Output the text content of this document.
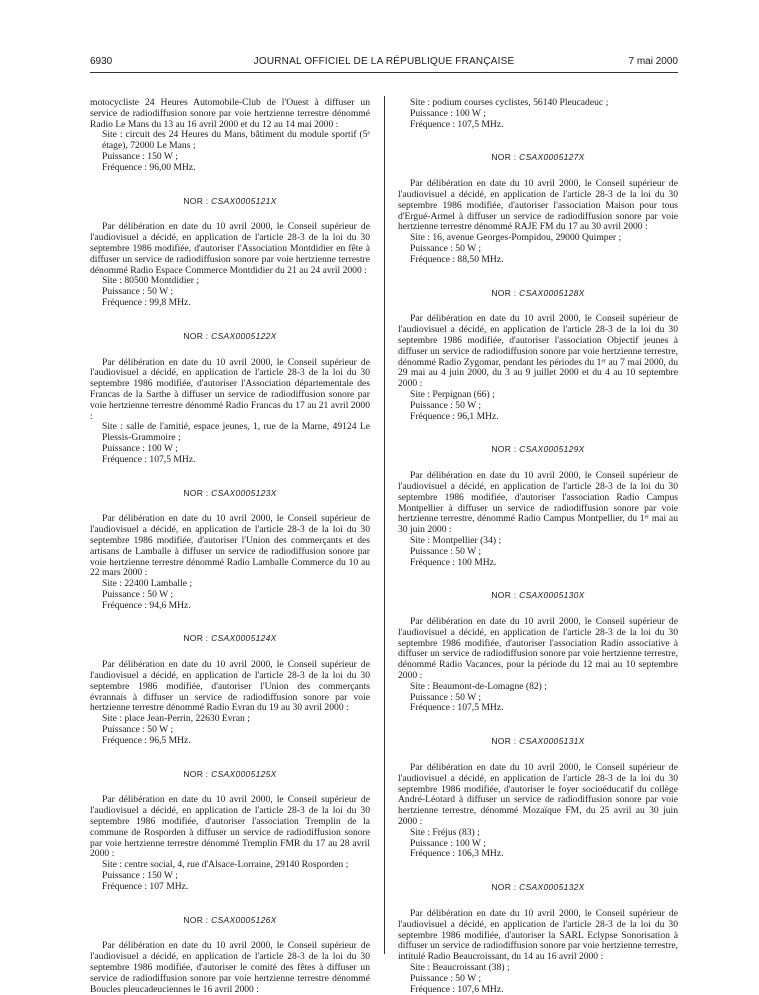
6930	JOURNAL OFFICIEL DE LA RÉPUBLIQUE FRANÇAISE	7 mai 2000

motocycliste 24 Heures Automobile-Club de l'Ouest à diffuser un service de radiodiffusion sonore par voie hertzienne terrestre dénommé Radio Le Mans du 13 au 16 avril 2000 et du 12 au 14 mai 2000 :

Site : circuit des 24 Heures du Mans, bâtiment du module sportif (5ᵉ étage), 72000 Le Mans ;

Puissance : 150 W ;

Fréquence : 96,00 MHz.

NOR : CSAX0005121X

Par délibération en date du 10 avril 2000, le Conseil supérieur de l'audiovisuel a décidé, en application de l'article 28-3 de la loi du 30 septembre 1986 modifiée, d'autoriser l'Association Montdidier en fête à diffuser un service de radiodiffusion sonore par voie hertzienne terrestre dénommé Radio Espace Commerce Montdidier du 21 au 24 avril 2000 :

Site : 80500 Montdidier ;

Puissance : 50 W ;

Fréquence : 99,8 MHz.

NOR : CSAX0005122X

Par délibération en date du 10 avril 2000, le Conseil supérieur de l'audiovisuel a décidé, en application de l'article 28-3 de la loi du 30 septembre 1986 modifiée, d'autoriser l'Association départementale des Francas de la Sarthe à diffuser un service de radiodiffusion sonore par voie hertzienne terrestre dénommé Radio Francas du 17 au 21 avril 2000 :

Site : salle de l'amitié, espace jeunes, 1, rue de la Marne, 49124 Le Plessis-Grammoire ;

Puissance : 100 W ;

Fréquence : 107,5 MHz.

NOR : CSAX0005123X

Par délibération en date du 10 avril 2000, le Conseil supérieur de l'audiovisuel a décidé, en application de l'article 28-3 de la loi du 30 septembre 1986 modifiée, d'autoriser l'Union des commerçants et des artisans de Lamballe à diffuser un service de radiodiffusion sonore par voie hertzienne terrestre dénommé Radio Lamballe Commerce du 10 au 22 mars 2000 :

Site : 22400 Lamballe ;

Puissance : 50 W ;

Fréquence : 94,6 MHz.

NOR : CSAX0005124X

Par délibération en date du 10 avril 2000, le Conseil supérieur de l'audiovisuel a décidé, en application de l'article 28-3 de la loi du 30 septembre 1986 modifiée, d'autoriser l'Union des commerçants évrannais à diffuser un service de radiodiffusion sonore par voie hertzienne terrestre dénommé Radio Evran du 19 au 30 avril 2000 :

Site : place Jean-Perrin, 22630 Evran ;

Puissance : 50 W ;

Fréquence : 96,5 MHz.

NOR : CSAX0005125X

Par délibération en date du 10 avril 2000, le Conseil supérieur de l'audiovisuel a décidé, en application de l'article 28-3 de la loi du 30 septembre 1986 modifiée, d'autoriser l'association Tremplin de la commune de Rosporden à diffuser un service de radiodiffusion sonore par voie hertzienne terrestre dénommé Tremplin FMR du 17 au 28 avril 2000 :

Site : centre social, 4, rue d'Alsace-Lorraine, 29140 Rosporden ;

Puissance : 150 W ;

Fréquence : 107 MHz.

NOR : CSAX0005126X

Par délibération en date du 10 avril 2000, le Conseil supérieur de l'audiovisuel a décidé, en application de l'article 28-3 de la loi du 30 septembre 1986 modifiée, d'autoriser le comité des fêtes à diffuser un service de radiodiffusion sonore par voie hertzienne terrestre dénommé Boucles pleucadeuciennes le 16 avril 2000 :

Site : podium courses cyclistes, 56140 Pleucadeuc ;

Puissance : 100 W ;

Fréquence : 107,5 MHz.

NOR : CSAX0005127X

Par délibération en date du 10 avril 2000, le Conseil supérieur de l'audiovisuel a décidé, en application de l'article 28-3 de la loi du 30 septembre 1986 modifiée, d'autoriser l'association Maison pour tous d'Ergué-Armel à diffuser un service de radiodiffusion sonore par voie hertzienne terrestre dénommé RAJE FM du 17 au 30 avril 2000 :

Site : 16, avenue Georges-Pompidou, 29000 Quimper ;

Puissance : 50 W ;

Fréquence : 88,50 MHz.

NOR : CSAX0005128X

Par délibération en date du 10 avril 2000, le Conseil supérieur de l'audiovisuel a décidé, en application de l'article 28-3 de la loi du 30 septembre 1986 modifiée, d'autoriser l'association Objectif jeunes à diffuser un service de radiodiffusion sonore par voie hertzienne terrestre, dénommé Radio Zygomar, pendant les périodes du 1ᵉʳ au 7 mai 2000, du 29 mai au 4 juin 2000, du 3 au 9 juillet 2000 et du 4 au 10 septembre 2000 :

Site : Perpignan (66) ;

Puissance : 50 W ;

Fréquence : 96,1 MHz.

NOR : CSAX0005129X

Par délibération en date du 10 avril 2000, le Conseil supérieur de l'audiovisuel a décidé, en application de l'article 28-3 de la loi du 30 septembre 1986 modifiée, d'autoriser l'association Radio Campus Montpellier à diffuser un service de radiodiffusion sonore par voie hertzienne terrestre, dénommé Radio Campus Montpellier, du 1ᵉʳ mai au 30 juin 2000 :

Site : Montpellier (34) ;

Puissance : 50 W ;

Fréquence : 100 MHz.

NOR : CSAX0005130X

Par délibération en date du 10 avril 2000, le Conseil supérieur de l'audiovisuel a décidé, en application de l'article 28-3 de la loi du 30 septembre 1986 modifiée, d'autoriser l'association Radio associative à diffuser un service de radiodiffusion sonore par voie hertzienne terrestre, dénommé Radio Vacances, pour la période du 12 mai au 10 septembre 2000 :

Site : Beaumont-de-Lomagne (82) ;

Puissance : 50 W ;

Fréquence : 107,5 MHz.

NOR : CSAX0005131X

Par délibération en date du 10 avril 2000, le Conseil supérieur de l'audiovisuel a décidé, en application de l'article 28-3 de la loi du 30 septembre 1986 modifiée, d'autoriser le foyer socioéducatif du collège André-Léotard à diffuser un service de radiodiffusion sonore par voie hertzienne terrestre, dénommé Mozaïque FM, du 25 avril au 30 juin 2000 :

Site : Fréjus (83) ;

Puissance : 100 W ;

Fréquence : 106,3 MHz.

NOR : CSAX0005132X

Par délibération en date du 10 avril 2000, le Conseil supérieur de l'audiovisuel a décidé, en application de l'article 28-3 de la loi du 30 septembre 1986 modifiée, d'autoriser la SARL Eclypse Sonorisation à diffuser un service de radiodiffusion sonore par voie hertzienne terrestre, intitulé Radio Beaucroissant, du 14 au 16 avril 2000 :

Site : Beaucroissant (38) ;

Puissance : 50 W ;

Fréquence : 107,6 MHz.
